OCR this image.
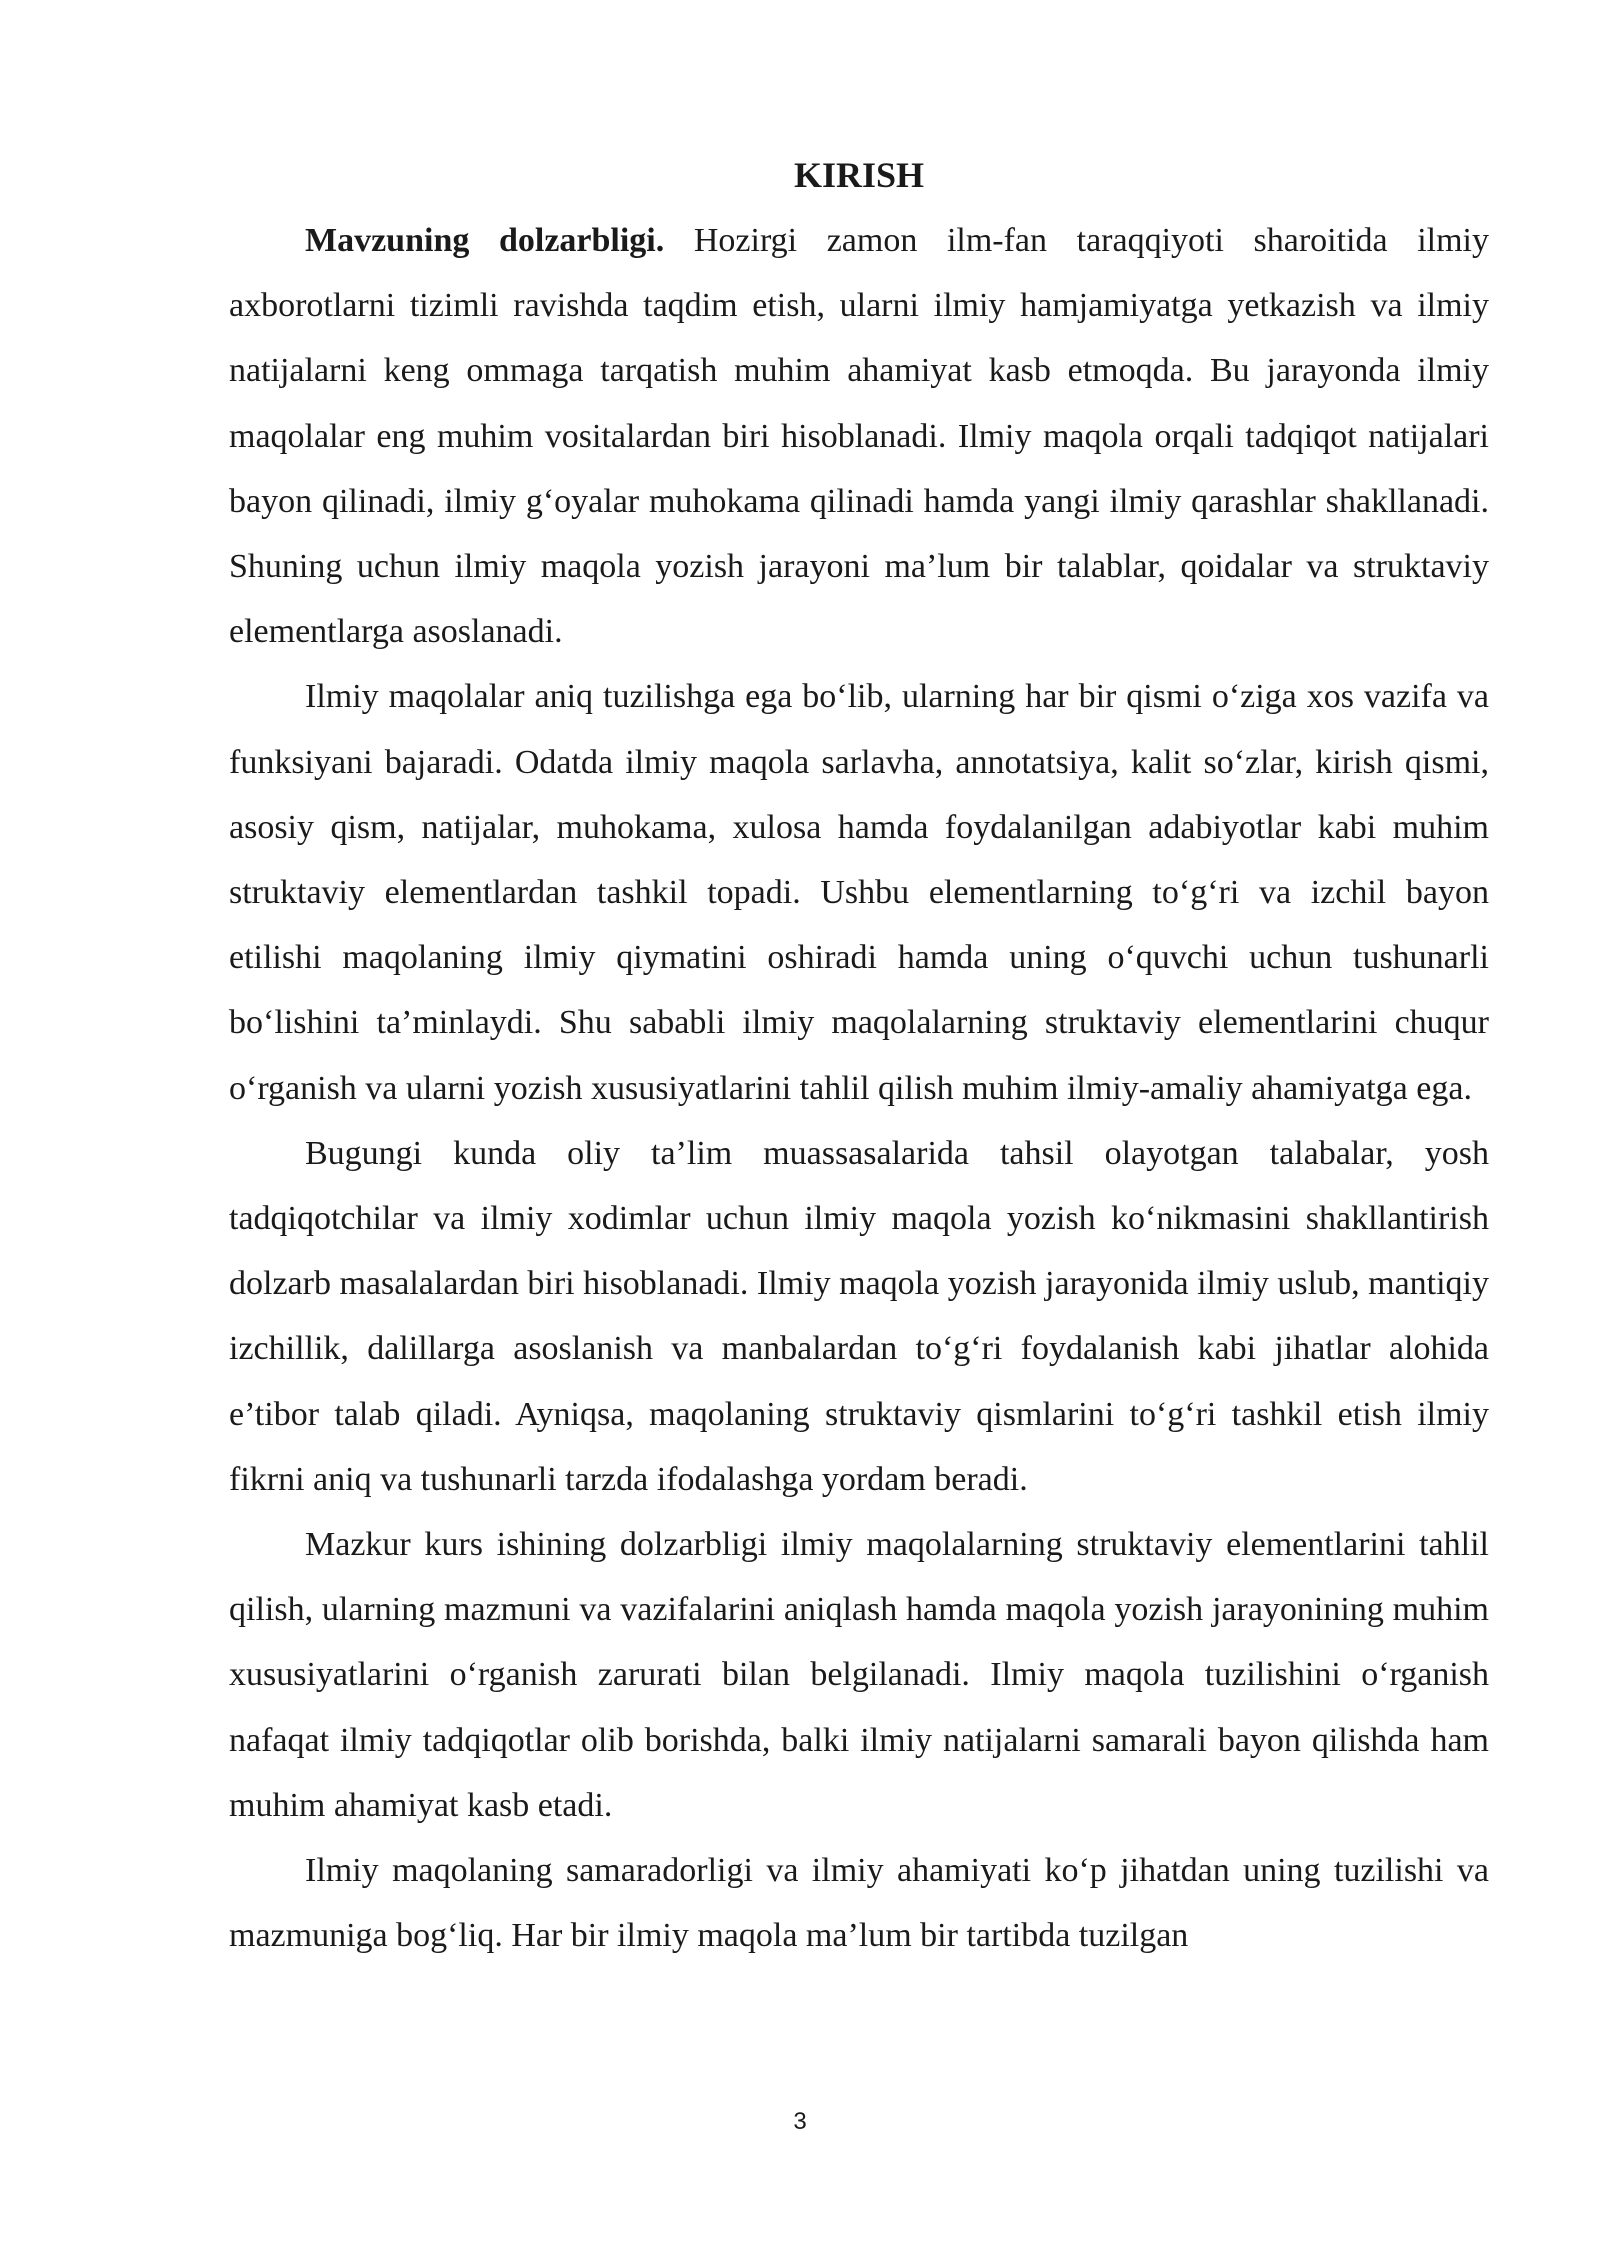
KIRISH

Mavzuning dolzarbligi. Hozirgi zamon ilm-fan taraqqiyoti sharoitida ilmiy axborotlarni tizimli ravishda taqdim etish, ularni ilmiy hamjamiyatga yetkazish va ilmiy natijalarni keng ommaga tarqatish muhim ahamiyat kasb etmoqda. Bu jarayonda ilmiy maqolalar eng muhim vositalardan biri hisoblanadi. Ilmiy maqola orqali tadqiqot natijalari bayon qilinadi, ilmiy g‘oyalar muhokama qilinadi hamda yangi ilmiy qarashlar shakllanadi. Shuning uchun ilmiy maqola yozish jarayoni ma’lum bir talablar, qoidalar va struktaviy elementlarga asoslanadi.

Ilmiy maqolalar aniq tuzilishga ega bo‘lib, ularning har bir qismi o‘ziga xos vazifa va funksiyani bajaradi. Odatda ilmiy maqola sarlavha, annotatsiya, kalit so‘zlar, kirish qismi, asosiy qism, natijalar, muhokama, xulosa hamda foydalanilgan adabiyotlar kabi muhim struktaviy elementlardan tashkil topadi. Ushbu elementlarning to‘g‘ri va izchil bayon etilishi maqolaning ilmiy qiymatini oshiradi hamda uning o‘quvchi uchun tushunarli bo‘lishini ta’minlaydi. Shu sababli ilmiy maqolalarning struktaviy elementlarini chuqur o‘rganish va ularni yozish xususiyatlarini tahlil qilish muhim ilmiy-amaliy ahamiyatga ega.

Bugungi kunda oliy ta’lim muassasalarida tahsil olayotgan talabalar, yosh tadqiqotchilar va ilmiy xodimlar uchun ilmiy maqola yozish ko‘nikmasini shakllantirish dolzarb masalalardan biri hisoblanadi. Ilmiy maqola yozish jarayonida ilmiy uslub, mantiqiy izchillik, dalillarga asoslanish va manbalardan to‘g‘ri foydalanish kabi jihatlar alohida e’tibor talab qiladi. Ayniqsa, maqolaning struktaviy qismlarini to‘g‘ri tashkil etish ilmiy fikrni aniq va tushunarli tarzda ifodalashga yordam beradi.

Mazkur kurs ishining dolzarbligi ilmiy maqolalarning struktaviy elementlarini tahlil qilish, ularning mazmuni va vazifalarini aniqlash hamda maqola yozish jarayonining muhim xususiyatlarini o‘rganish zarurati bilan belgilanadi. Ilmiy maqola tuzilishini o‘rganish nafaqat ilmiy tadqiqotlar olib borishda, balki ilmiy natijalarni samarali bayon qilishda ham muhim ahamiyat kasb etadi.

Ilmiy maqolaning samaradorligi va ilmiy ahamiyati ko‘p jihatdan uning tuzilishi va mazmuniga bog‘liq. Har bir ilmiy maqola ma’lum bir tartibda tuzilgan

3
